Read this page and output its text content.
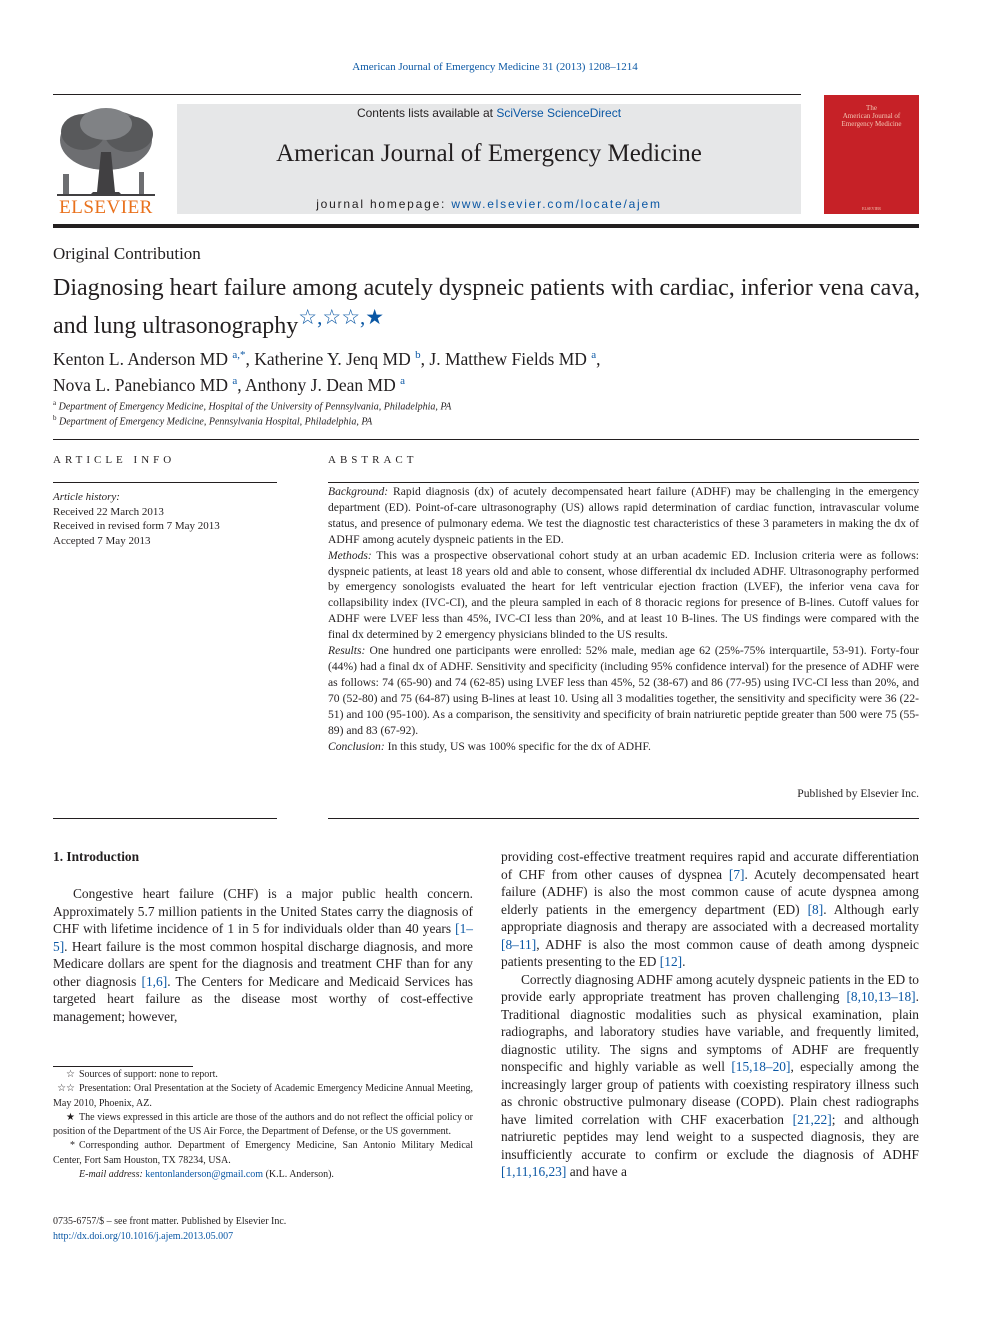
American Journal of Emergency Medicine 31 (2013) 1208–1214
ELSEVIER
Contents lists available at SciVerse ScienceDirect
American Journal of Emergency Medicine
journal homepage: www.elsevier.com/locate/ajem
The
American Journal of
Emergency Medicine
ELSEVIER
Original Contribution
Diagnosing heart failure among acutely dyspneic patients with cardiac, inferior vena cava, and lung ultrasonography☆,☆☆,★
Kenton L. Anderson MD $^{a,*}$, Katherine Y. Jenq MD $^b$, J. Matthew Fields MD $^a$,
Nova L. Panebianco MD $^a$, Anthony J. Dean MD $^a$
$^a$ Department of Emergency Medicine, Hospital of the University of Pennsylvania, Philadelphia, PA
$^b$ Department of Emergency Medicine, Pennsylvania Hospital, Philadelphia, PA
ARTICLE INFO
Article history:
Received 22 March 2013
Received in revised form 7 May 2013
Accepted 7 May 2013
ABSTRACT

Background: Rapid diagnosis (dx) of acutely decompensated heart failure (ADHF) may be challenging in the emergency department (ED). Point-of-care ultrasonography (US) allows rapid determination of cardiac function, intravascular volume status, and presence of pulmonary edema. We test the diagnostic test characteristics of these 3 parameters in making the dx of ADHF among acutely dyspneic patients in the ED.

Methods: This was a prospective observational cohort study at an urban academic ED. Inclusion criteria were as follows: dyspneic patients, at least 18 years old and able to consent, whose differential dx included ADHF. Ultrasonography performed by emergency sonologists evaluated the heart for left ventricular ejection fraction (LVEF), the inferior vena cava for collapsibility index (IVC-CI), and the pleura sampled in each of 8 thoracic regions for presence of B-lines. Cutoff values for ADHF were LVEF less than 45%, IVC-CI less than 20%, and at least 10 B-lines. The US findings were compared with the final dx determined by 2 emergency physicians blinded to the US results.

Results: One hundred one participants were enrolled: 52% male, median age 62 (25%-75% interquartile, 53-91). Forty-four (44%) had a final dx of ADHF. Sensitivity and specificity (including 95% confidence interval) for the presence of ADHF were as follows: 74 (65-90) and 74 (62-85) using LVEF less than 45%, 52 (38-67) and 86 (77-95) using IVC-CI less than 20%, and 70 (52-80) and 75 (64-87) using B-lines at least 10. Using all 3 modalities together, the sensitivity and specificity were 36 (22-51) and 100 (95-100). As a comparison, the sensitivity and specificity of brain natriuretic peptide greater than 500 were 75 (55-89) and 83 (67-92).

Conclusion: In this study, US was 100% specific for the dx of ADHF.

Published by Elsevier Inc.
1. Introduction

Congestive heart failure (CHF) is a major public health concern. Approximately 5.7 million patients in the United States carry the diagnosis of CHF with lifetime incidence of 1 in 5 for individuals older than 40 years [1–5]. Heart failure is the most common hospital discharge diagnosis, and more Medicare dollars are spent for the diagnosis and treatment CHF than for any other diagnosis [1,6]. The Centers for Medicare and Medicaid Services has targeted heart failure as the disease most worthy of cost-effective management; however,

providing cost-effective treatment requires rapid and accurate differentiation of CHF from other causes of dyspnea [7]. Acutely decompensated heart failure (ADHF) is also the most common cause of acute dyspnea among elderly patients in the emergency department (ED) [8]. Although early appropriate diagnosis and therapy are associated with a decreased mortality [8–11], ADHF is also the most common cause of death among dyspneic patients presenting to the ED [12].

Correctly diagnosing ADHF among acutely dyspneic patients in the ED to provide early appropriate treatment has proven challenging [8,10,13–18]. Traditional diagnostic modalities such as physical examination, plain radiographs, and laboratory studies have variable, and frequently limited, diagnostic utility. The signs and symptoms of ADHF are frequently nonspecific and highly variable as well [15,18–20], especially among the increasingly larger group of patients with coexisting respiratory illness such as chronic obstructive pulmonary disease (COPD). Plain chest radiographs have limited correlation with CHF exacerbation [21,22]; and although natriuretic peptides may lend weight to a suspected diagnosis, they are insufficiently accurate to confirm or exclude the diagnosis of ADHF [1,11,16,23] and have a

☆ Sources of support: none to report.

☆☆ Presentation: Oral Presentation at the Society of Academic Emergency Medicine Annual Meeting, May 2010, Phoenix, AZ.

★ The views expressed in this article are those of the authors and do not reflect the official policy or position of the Department of the US Air Force, the Department of Defense, or the US government.

* Corresponding author. Department of Emergency Medicine, San Antonio Military Medical Center, Fort Sam Houston, TX 78234, USA.

E-mail address: kentonlanderson@gmail.com (K.L. Anderson).

0735-6757/$ – see front matter. Published by Elsevier Inc.
http://dx.doi.org/10.1016/j.ajem.2013.05.007
